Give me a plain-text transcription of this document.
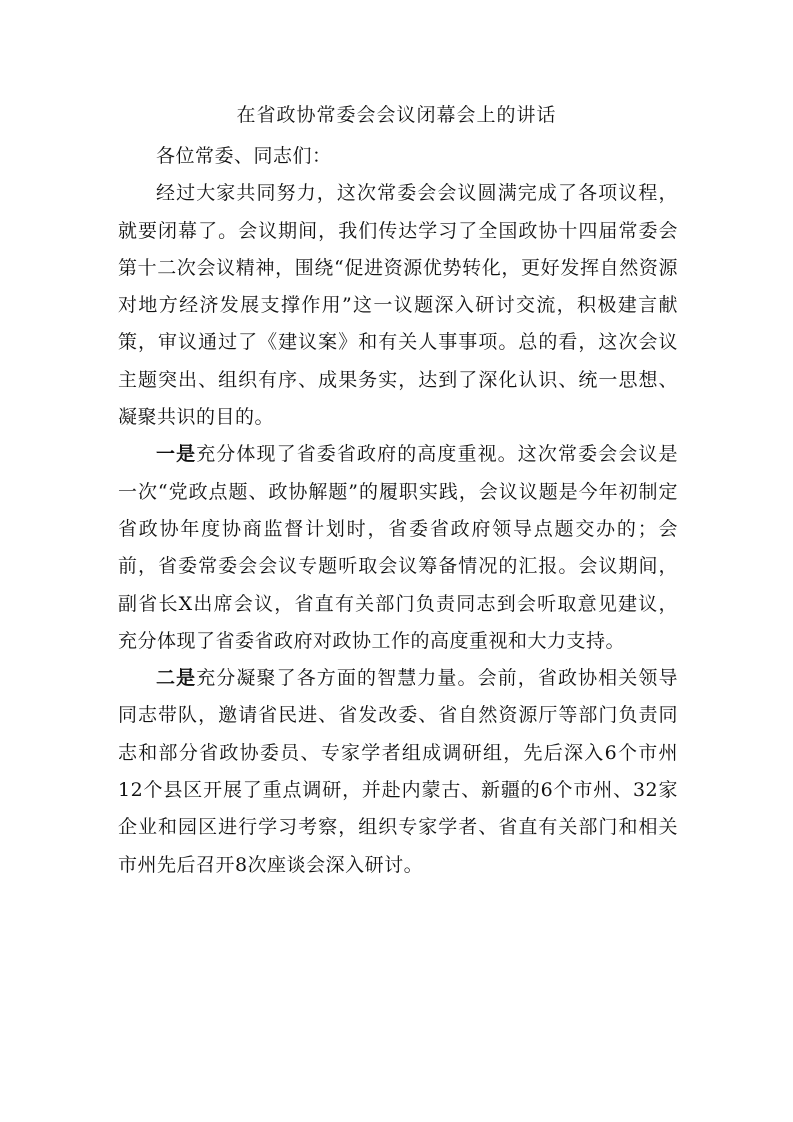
在省政协常委会会议闭幕会上的讲话

各位常委、同志们：

经过大家共同努力，这次常委会会议圆满完成了各项议程，就要闭幕了。会议期间，我们传达学习了全国政协十四届常委会第十二次会议精神，围绕“促进资源优势转化，更好发挥自然资源对地方经济发展支撑作用”这一议题深入研讨交流，积极建言献策，审议通过了《建议案》和有关人事事项。总的看，这次会议主题突出、组织有序、成果务实，达到了深化认识、统一思想、凝聚共识的目的。

一是充分体现了省委省政府的高度重视。这次常委会会议是一次“党政点题、政协解题”的履职实践，会议议题是今年初制定省政协年度协商监督计划时，省委省政府领导点题交办的；会前，省委常委会会议专题听取会议筹备情况的汇报。会议期间，副省长X出席会议，省直有关部门负责同志到会听取意见建议，充分体现了省委省政府对政协工作的高度重视和大力支持。

二是充分凝聚了各方面的智慧力量。会前，省政协相关领导同志带队，邀请省民进、省发改委、省自然资源厅等部门负责同志和部分省政协委员、专家学者组成调研组，先后深入6个市州12个县区开展了重点调研，并赴内蒙古、新疆的6个市州、32家企业和园区进行学习考察，组织专家学者、省直有关部门和相关市州先后召开8次座谈会深入研讨。
